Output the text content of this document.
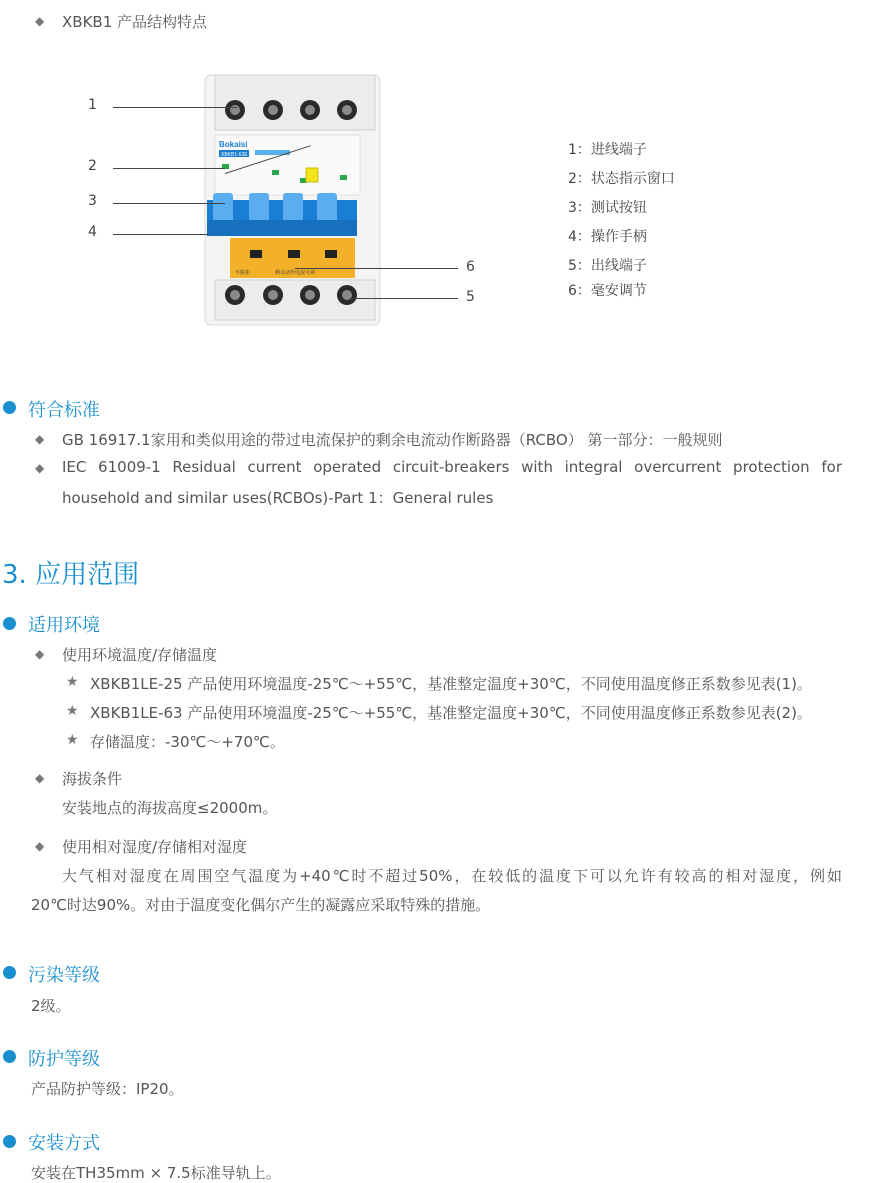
◆ XBKB1 产品结构特点
Bokaisi
XBKB1-63E
不脱扣	剩余动作电流可调
1
2
3
4
6
5
1：进线端子
2：状态指示窗口
3：测试按钮
4：操作手柄
5：出线端子
6：毫安调节
符合标准
◆ GB 16917.1家用和类似用途的带过电流保护的剩余电流动作断路器（RCBO） 第一部分：一般规则
◆ IEC 61009-1 Residual current operated circuit-breakers with integral overcurrent protection for
household and similar uses(RCBOs)-Part 1：General rules
3. 应用范围
适用环境
◆ 使用环境温度/存储温度
★ XBKB1LE-25 产品使用环境温度-25℃～+55℃，基准整定温度+30℃，不同使用温度修正系数参见表(1)。
★ XBKB1LE-63 产品使用环境温度-25℃～+55℃，基准整定温度+30℃，不同使用温度修正系数参见表(2)。
★ 存储温度：-30℃～+70℃。
◆ 海拔条件
安装地点的海拔高度≤2000m。
◆ 使用相对湿度/存储相对湿度
大气相对湿度在周围空气温度为+40℃时不超过50%，在较低的温度下可以允许有较高的相对湿度，例如
20℃时达90%。对由于温度变化偶尔产生的凝露应采取特殊的措施。
污染等级
2级。
防护等级
产品防护等级：IP20。
安装方式
安装在TH35mm × 7.5标准导轨上。
